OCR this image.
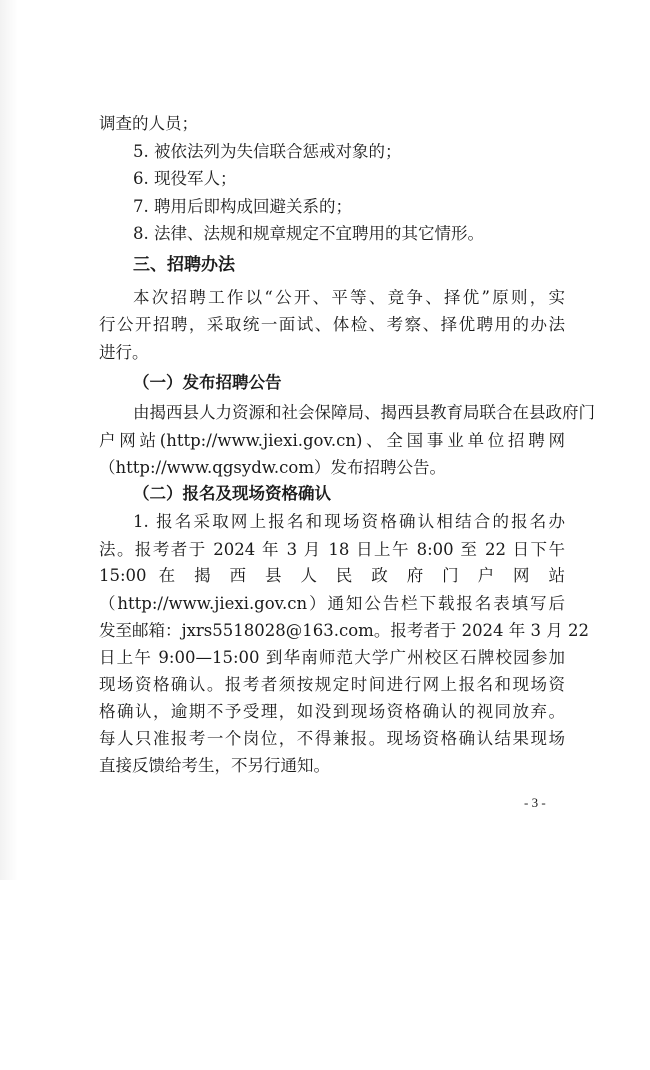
调查的人员；
5. 被依法列为失信联合惩戒对象的；
6. 现役军人；
7. 聘用后即构成回避关系的；
8. 法律、法规和规章规定不宜聘用的其它情形。
三、招聘办法
本次招聘工作以“公开、平等、竞争、择优”原则，实
行公开招聘，采取统一面试、体检、考察、择优聘用的办法
进行。
（一）发布招聘公告
由揭西县人力资源和社会保障局、揭西县教育局联合在县政府门
户网站(http://www.jiexi.gov.cn)、全国事业单位招聘网
（http://www.qgsydw.com）发布招聘公告。
（二）报名及现场资格确认
1. 报名采取网上报名和现场资格确认相结合的报名办
法。报考者于 2024 年 3 月 18 日上午 8:00 至 22 日下午
15:00 在 揭 西 县 人 民 政 府 门 户 网 站
（http://www.jiexi.gov.cn）通知公告栏下载报名表填写后
发至邮箱：jxrs5518028@163.com。报考者于 2024 年 3 月 22
日上午 9:00—15:00 到华南师范大学广州校区石牌校园参加
现场资格确认。报考者须按规定时间进行网上报名和现场资
格确认，逾期不予受理，如没到现场资格确认的视同放弃。
每人只准报考一个岗位，不得兼报。现场资格确认结果现场
直接反馈给考生，不另行通知。
- 3 -
